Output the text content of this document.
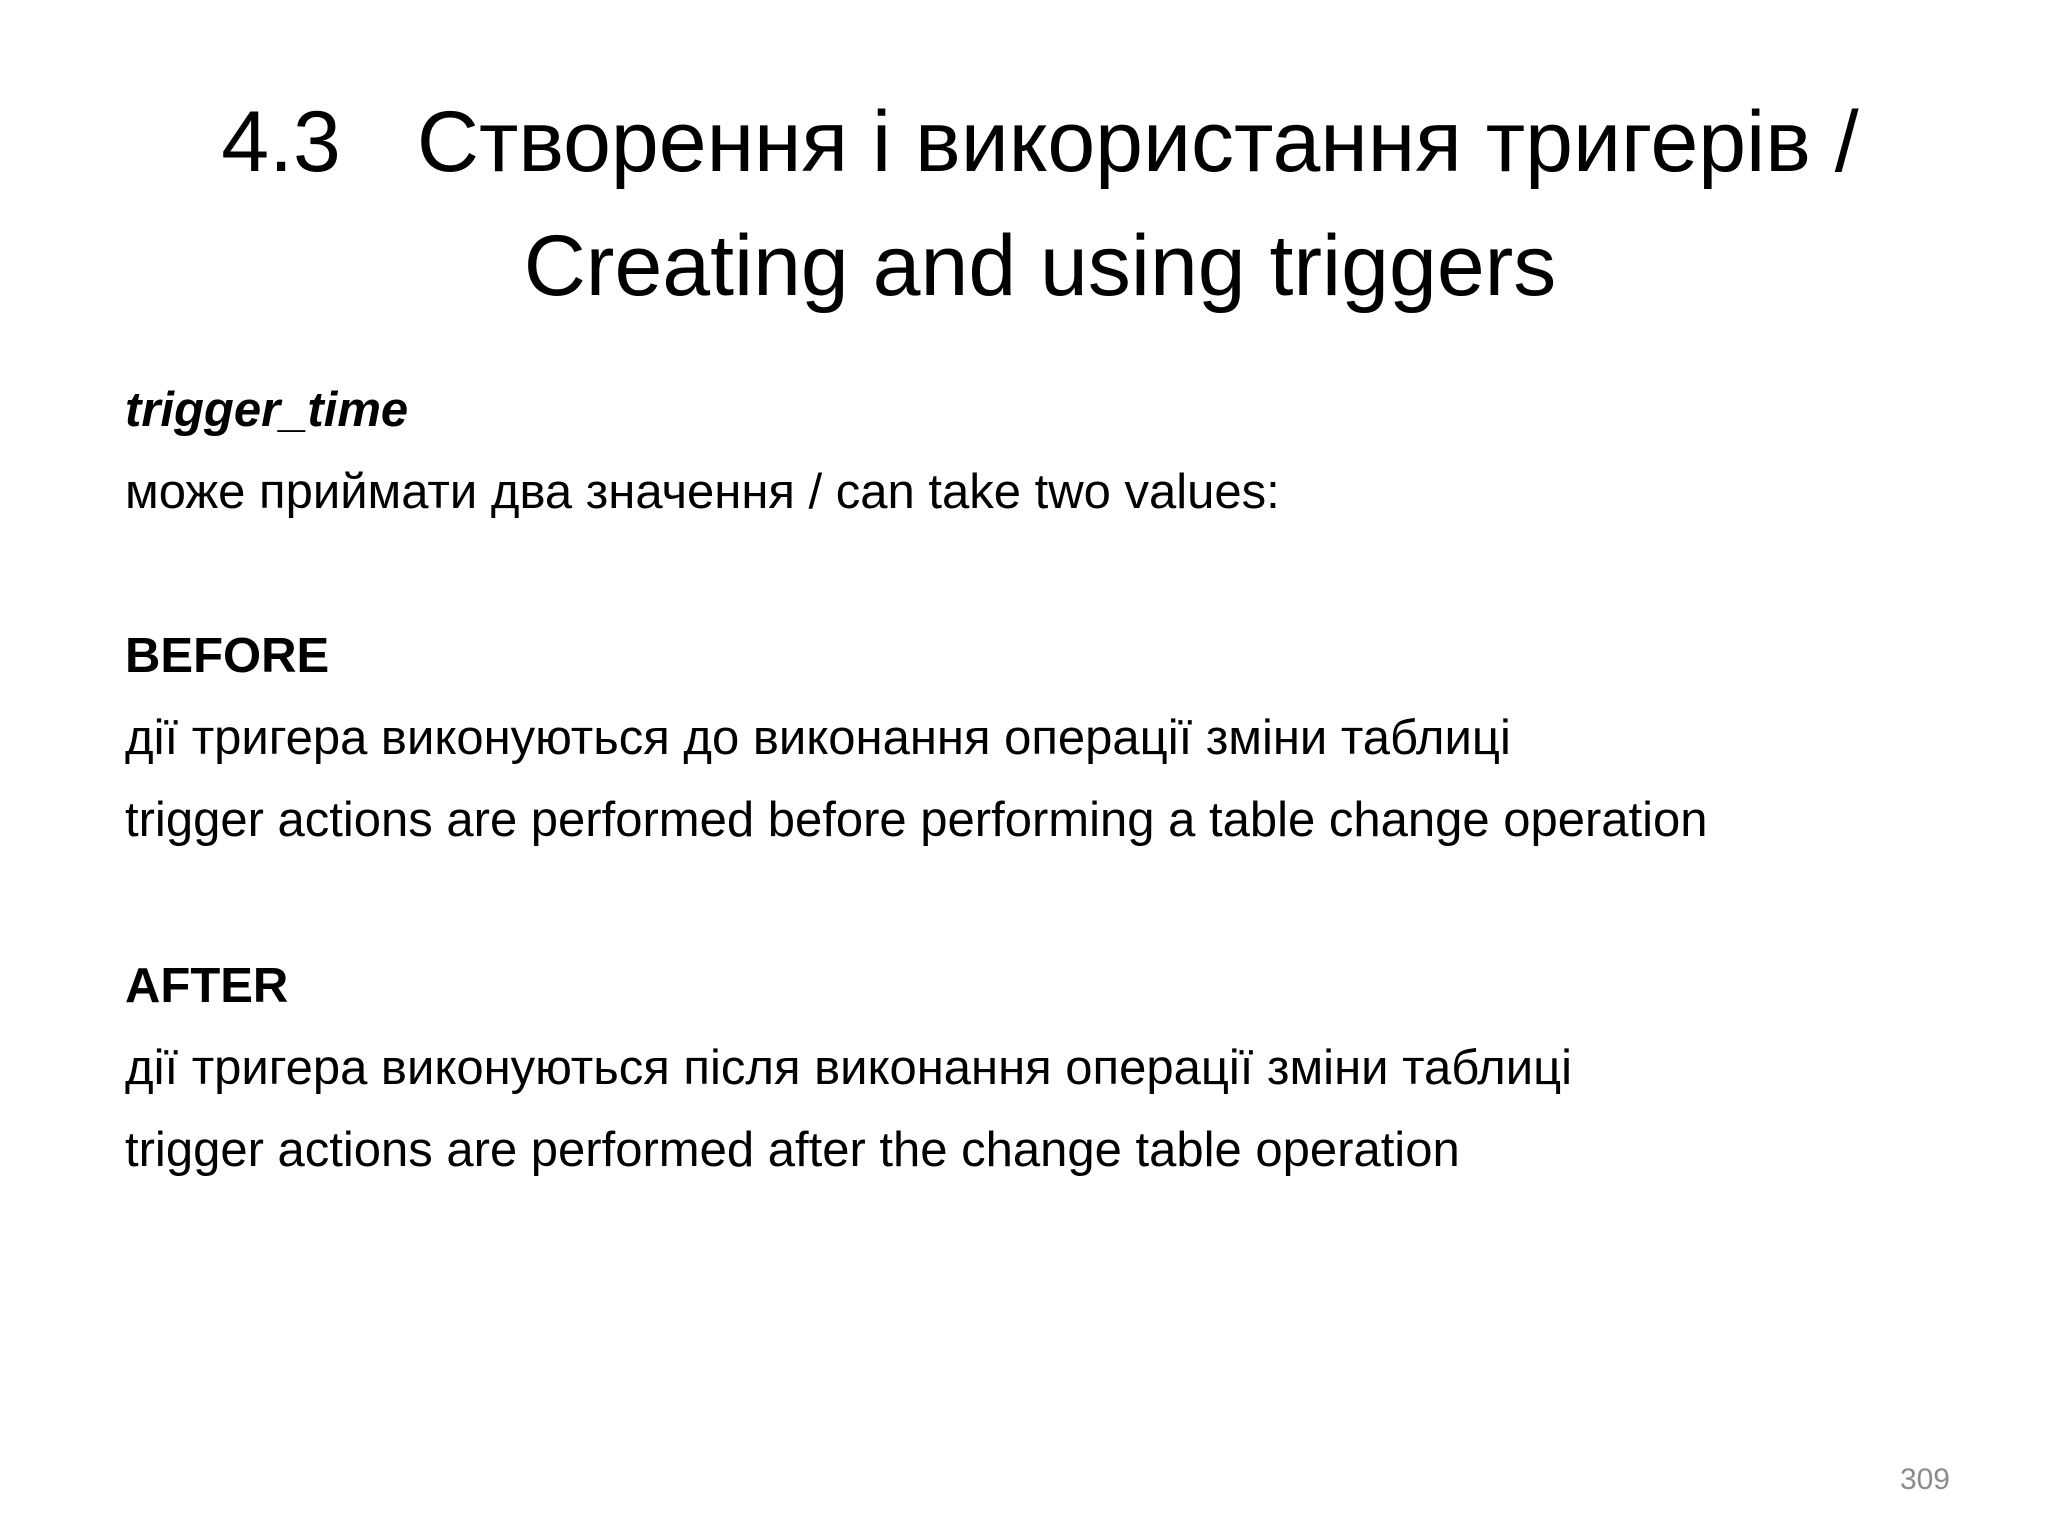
4.3 Створення і використання тригерів /
Creating and using triggers
trigger_time
може приймати два значення / can take two values:
BEFORE
дії тригера виконуються до виконання операції зміни таблиці
trigger actions are performed before performing a table change operation
AFTER
дії тригера виконуються після виконання операції зміни таблиці
trigger actions are performed after the change table operation
309
